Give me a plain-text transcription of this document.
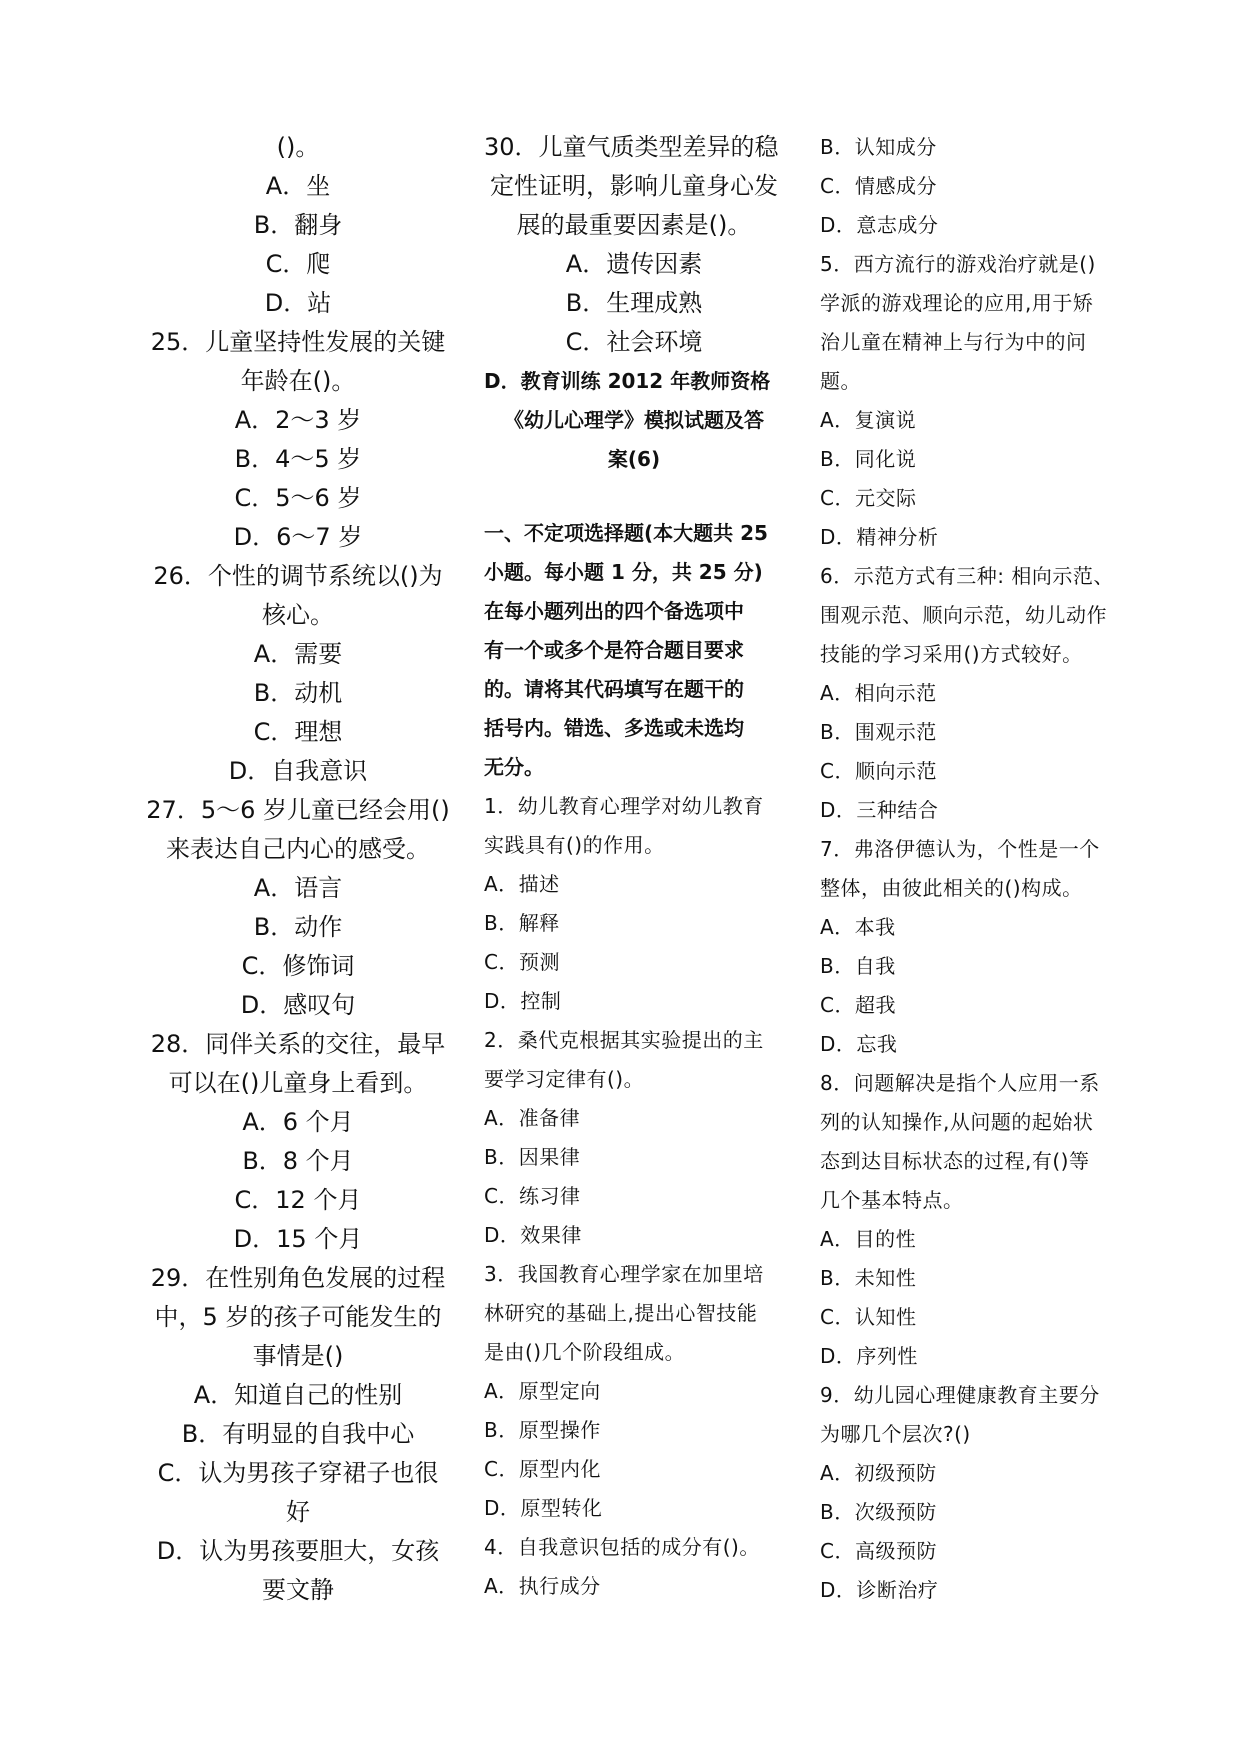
()。
A．坐
B．翻身
C．爬
D．站
25．儿童坚持性发展的关键
年龄在()。
A．2～3 岁
B．4～5 岁
C．5～6 岁
D．6～7 岁
26．个性的调节系统以()为
核心。
A．需要
B．动机
C．理想
D．自我意识
27．5～6 岁儿童已经会用()
来表达自己内心的感受。
A．语言
B．动作
C．修饰词
D．感叹句
28．同伴关系的交往，最早
可以在()儿童身上看到。
A．6 个月
B．8 个月
C．12 个月
D．15 个月
29．在性别角色发展的过程
中，5 岁的孩子可能发生的
事情是()
A．知道自己的性别
B．有明显的自我中心
C．认为男孩子穿裙子也很
好
D．认为男孩要胆大，女孩
要文静
30．儿童气质类型差异的稳
定性证明，影响儿童身心发
展的最重要因素是()。
A．遗传因素
B．生理成熟
C．社会环境
D．教育训练 2012 年教师资格
《幼儿心理学》模拟试题及答
案(6)
一、不定项选择题(本大题共 25
小题。每小题 1 分，共 25 分)
在每小题列出的四个备选项中
有一个或多个是符合题目要求
的。请将其代码填写在题干的
括号内。错选、多选或未选均
无分。
1．幼儿教育心理学对幼儿教育
实践具有()的作用。
A．描述
B．解释
C．预测
D．控制
2．桑代克根据其实验提出的主
要学习定律有()。
A．准备律
B．因果律
C．练习律
D．效果律
3．我国教育心理学家在加里培
林研究的基础上,提出心智技能
是由()几个阶段组成。
A．原型定向
B．原型操作
C．原型内化
D．原型转化
4．自我意识包括的成分有()。
A．执行成分
B．认知成分
C．情感成分
D．意志成分
5．西方流行的游戏治疗就是()
学派的游戏理论的应用,用于矫
治儿童在精神上与行为中的问
题。
A．复演说
B．同化说
C．元交际
D．精神分析
6．示范方式有三种: 相向示范、
围观示范、顺向示范，幼儿动作
技能的学习采用()方式较好。
A．相向示范
B．围观示范
C．顺向示范
D．三种结合
7．弗洛伊德认为，个性是一个
整体，由彼此相关的()构成。
A．本我
B．自我
C．超我
D．忘我
8．问题解决是指个人应用一系
列的认知操作,从问题的起始状
态到达目标状态的过程,有()等
几个基本特点。
A．目的性
B．未知性
C．认知性
D．序列性
9．幼儿园心理健康教育主要分
为哪几个层次?()
A．初级预防
B．次级预防
C．高级预防
D．诊断治疗
